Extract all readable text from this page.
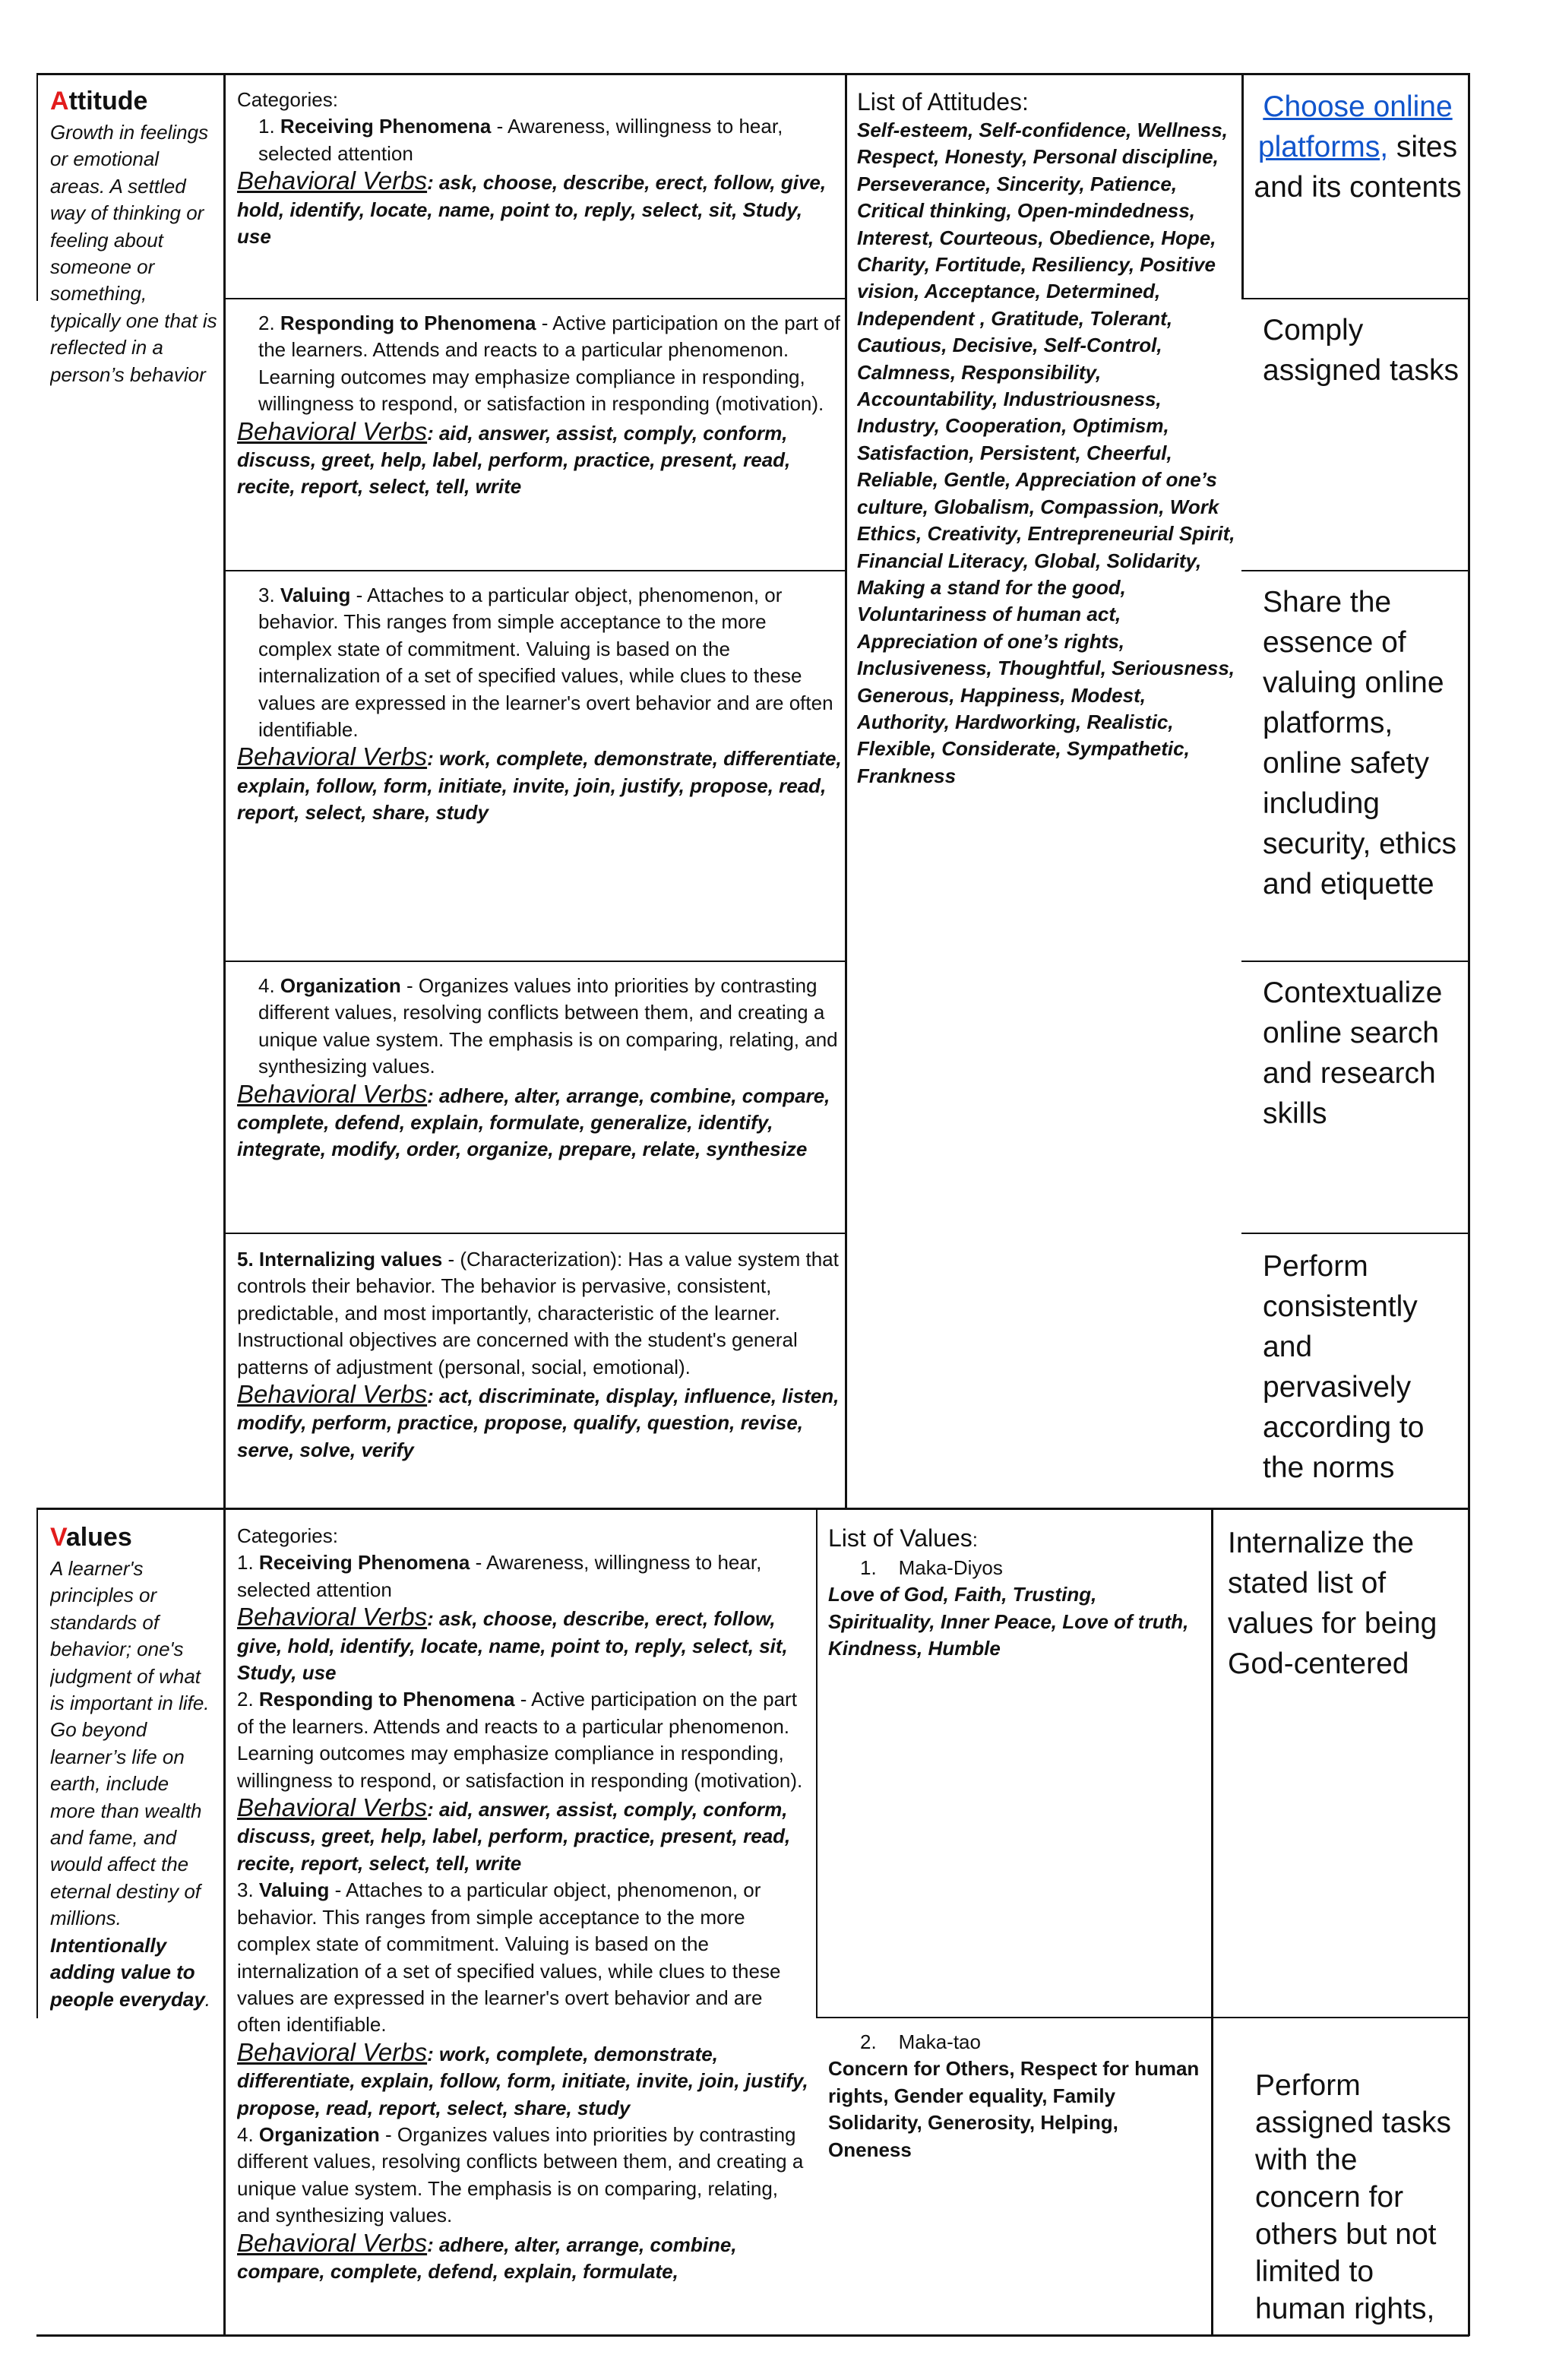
Attitude

Growth in feelings or emotional areas. A settled way of thinking or feeling about someone or something, typically one that is reflected in a person’s behavior

Categories:

1. Receiving Phenomena - Awareness, willingness to hear, selected attention

Behavioral Verbs: ask, choose, describe, erect, follow, give, hold, identify, locate, name, point to, reply, select, sit, Study, use

2. Responding to Phenomena - Active participation on the part of the learners. Attends and reacts to a particular phenomenon. Learning outcomes may emphasize compliance in responding, willingness to respond, or satisfaction in responding (motivation).

Behavioral Verbs: aid, answer, assist, comply, conform, discuss, greet, help, label, perform, practice, present, read, recite, report, select, tell, write

3. Valuing - Attaches to a particular object, phenomenon, or behavior. This ranges from simple acceptance to the more complex state of commitment. Valuing is based on the internalization of a set of specified values, while clues to these values are expressed in the learner's overt behavior and are often identifiable.

Behavioral Verbs: work, complete, demonstrate, differentiate, explain, follow, form, initiate, invite, join, justify, propose, read, report, select, share, study

4. Organization - Organizes values into priorities by contrasting different values, resolving conflicts between them, and creating a unique value system. The emphasis is on comparing, relating, and synthesizing values.

Behavioral Verbs: adhere, alter, arrange, combine, compare, complete, defend, explain, formulate, generalize, identify, integrate, modify, order, organize, prepare, relate, synthesize

5. Internalizing values - (Characterization): Has a value system that controls their behavior. The behavior is pervasive, consistent, predictable, and most importantly, characteristic of the learner. Instructional objectives are concerned with the student's general patterns of adjustment (personal, social, emotional).

Behavioral Verbs: act, discriminate, display, influence, listen, modify, perform, practice, propose, qualify, question, revise, serve, solve, verify

List of Attitudes:

Self-esteem, Self-confidence, Wellness, Respect, Honesty, Personal discipline, Perseverance, Sincerity, Patience, Critical thinking, Open-mindedness, Interest, Courteous, Obedience, Hope, Charity, Fortitude, Resiliency, Positive vision, Acceptance, Determined, Independent , Gratitude, Tolerant, Cautious, Decisive, Self-Control, Calmness, Responsibility, Accountability, Industriousness, Industry, Cooperation, Optimism, Satisfaction, Persistent, Cheerful, Reliable, Gentle, Appreciation of one’s culture, Globalism, Compassion, Work Ethics, Creativity, Entrepreneurial Spirit, Financial Literacy, Global, Solidarity, Making a stand for the good, Voluntariness of human act, Appreciation of one’s rights, Inclusiveness, Thoughtful, Seriousness, Generous, Happiness, Modest, Authority, Hardworking, Realistic, Flexible, Considerate, Sympathetic, Frankness

Choose online platforms, sites and its contents

Comply assigned tasks

Share the essence of valuing online platforms, online safety including security, ethics and etiquette

Contextualize online search and research skills

Perform consistently and pervasively according to the norms

Values

A learner's principles or standards of behavior; one's judgment of what is important in life. Go beyond learner’s life on earth, include more than wealth and fame, and would affect the eternal destiny of millions. Intentionally adding value to people everyday.

Categories:

1. Receiving Phenomena - Awareness, willingness to hear, selected attention

Behavioral Verbs: ask, choose, describe, erect, follow, give, hold, identify, locate, name, point to, reply, select, sit, Study, use

2. Responding to Phenomena - Active participation on the part of the learners. Attends and reacts to a particular phenomenon. Learning outcomes may emphasize compliance in responding, willingness to respond, or satisfaction in responding (motivation).

Behavioral Verbs: aid, answer, assist, comply, conform, discuss, greet, help, label, perform, practice, present, read, recite, report, select, tell, write

3. Valuing - Attaches to a particular object, phenomenon, or behavior. This ranges from simple acceptance to the more complex state of commitment. Valuing is based on the internalization of a set of specified values, while clues to these values are expressed in the learner's overt behavior and are often identifiable.

Behavioral Verbs: work, complete, demonstrate, differentiate, explain, follow, form, initiate, invite, join, justify, propose, read, report, select, share, study

4. Organization - Organizes values into priorities by contrasting different values, resolving conflicts between them, and creating a unique value system. The emphasis is on comparing, relating, and synthesizing values.

Behavioral Verbs: adhere, alter, arrange, combine, compare, complete, defend, explain, formulate,

List of Values:

1. Maka-Diyos

Love of God, Faith, Trusting, Spirituality, Inner Peace, Love of truth, Kindness, Humble

2. Maka-tao

Concern for Others, Respect for human rights, Gender equality, Family Solidarity, Generosity, Helping, Oneness

Internalize the stated list of values for being God-centered

Perform assigned tasks with the concern for others but not limited to human rights,
